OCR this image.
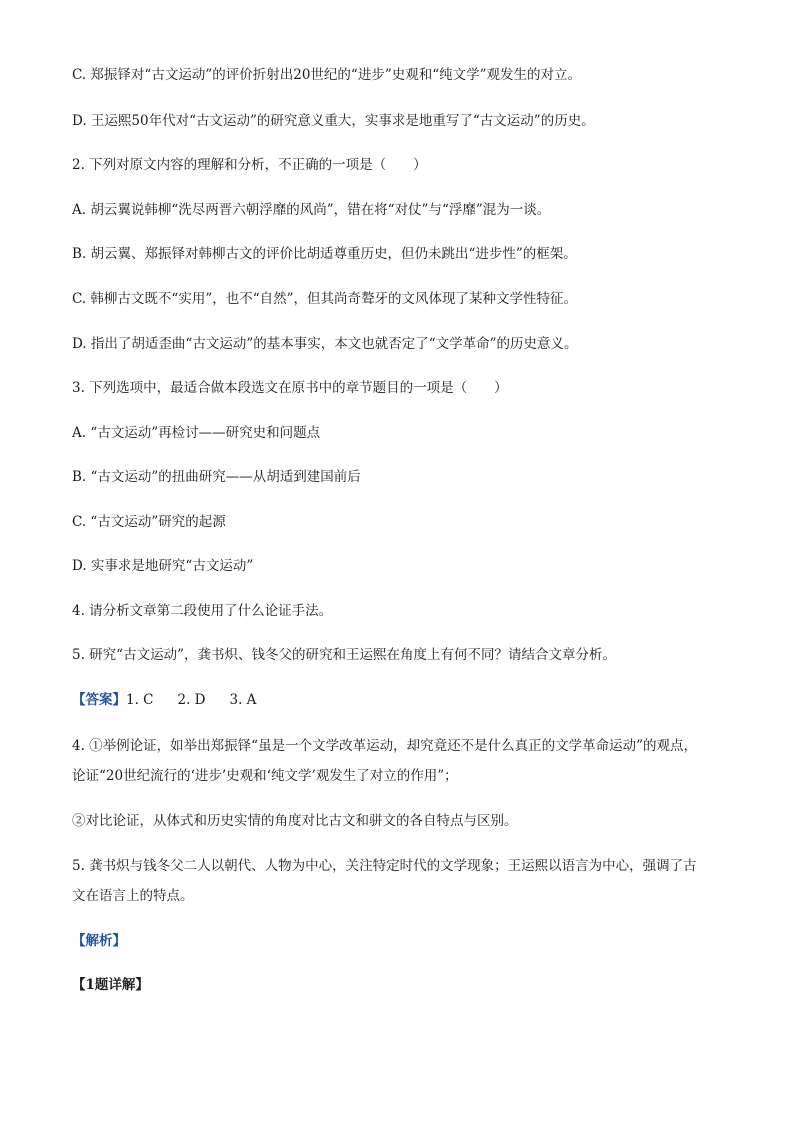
C. 郑振铎对“古文运动”的评价折射出20世纪的“进步”史观和“纯文学”观发生的对立。
D. 王运熙50年代对“古文运动”的研究意义重大，实事求是地重写了“古文运动”的历史。
2. 下列对原文内容的理解和分析，不正确的一项是（　　）
A. 胡云翼说韩柳“洗尽两晋六朝浮靡的风尚”，错在将“对仗”与“浮靡”混为一谈。
B. 胡云翼、郑振铎对韩柳古文的评价比胡适尊重历史，但仍未跳出“进步性”的框架。
C. 韩柳古文既不“实用”，也不“自然”，但其尚奇聱牙的文风体现了某种文学性特征。
D. 指出了胡适歪曲“古文运动”的基本事实，本文也就否定了“文学革命”的历史意义。
3. 下列选项中，最适合做本段选文在原书中的章节题目的一项是（　　）
A. “古文运动”再检讨——研究史和问题点
B. “古文运动”的扭曲研究——从胡适到建国前后
C. “古文运动”研究的起源
D. 实事求是地研究“古文运动”
4. 请分析文章第二段使用了什么论证手法。
5. 研究“古文运动”，龚书炽、钱冬父的研究和王运熙在角度上有何不同？请结合文章分析。
【答案】1. C 2. D 3. A
4. ①举例论证，如举出郑振铎“虽是一个文学改革运动，却究竟还不是什么真正的文学革命运动”的观点，
论证“20世纪流行的‘进步’史观和‘纯文学’观发生了对立的作用”；
②对比论证，从体式和历史实情的角度对比古文和骈文的各自特点与区别。
5. 龚书炽与钱冬父二人以朝代、人物为中心，关注特定时代的文学现象；王运熙以语言为中心，强调了古
文在语言上的特点。
【解析】
【1题详解】
